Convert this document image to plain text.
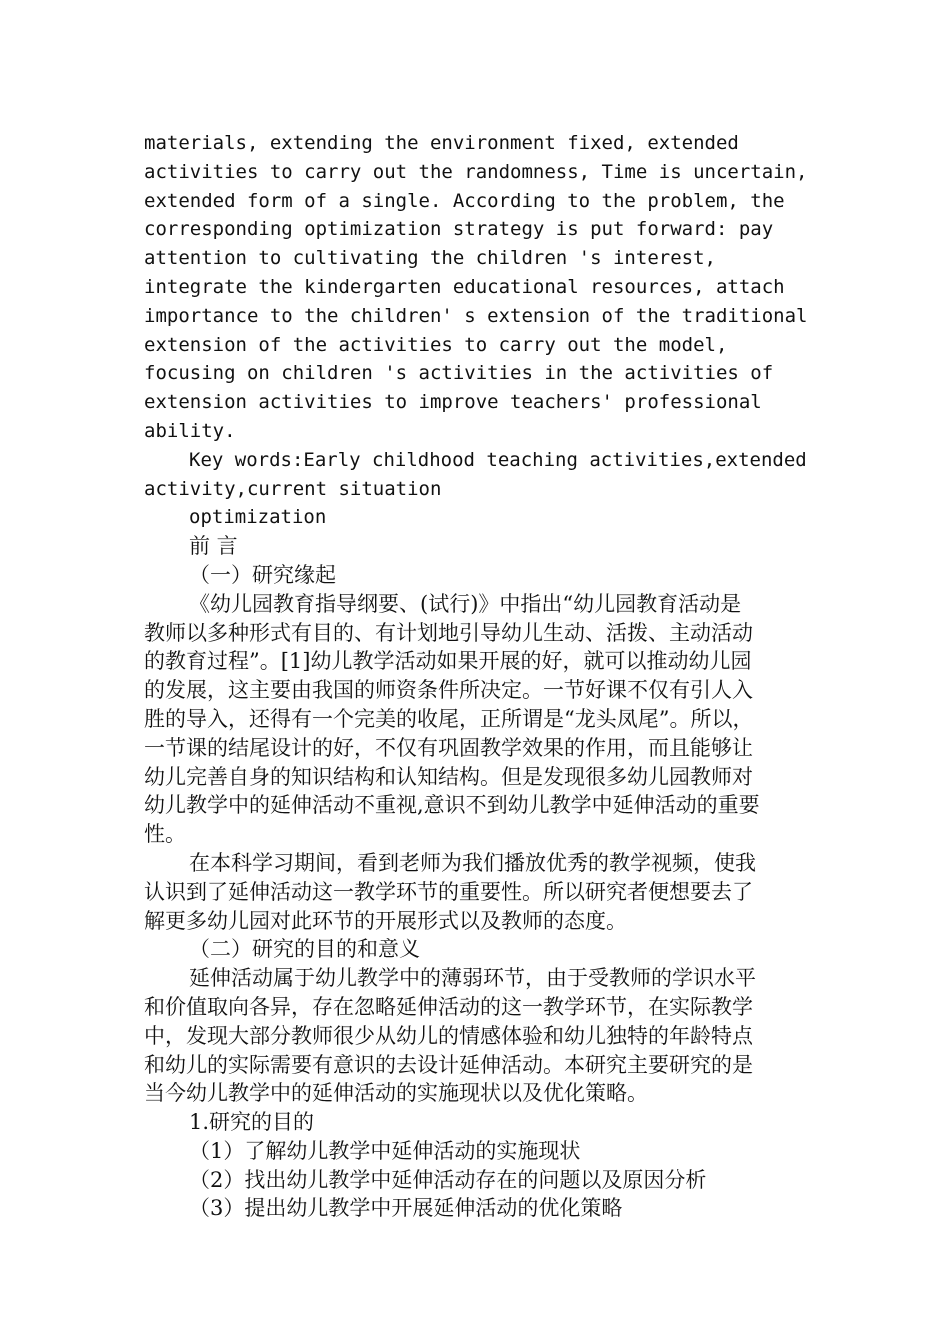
materials, extending the environment fixed, extended

activities to carry out the randomness, Time is uncertain,

extended form of a single. According to the problem, the

corresponding optimization strategy is put forward: pay

attention to cultivating the children 's interest,

integrate the kindergarten educational resources, attach

importance to the children' s extension of the traditional

extension of the activities to carry out the model,

focusing on children 's activities in the activities of

extension activities to improve teachers' professional

ability.

Key words:Early childhood teaching activities,extended

activity,current situation

optimization

前 言

（一）研究缘起

《幼儿园教育指导纲要、(试行)》中指出“幼儿园教育活动是

教师以多种形式有目的、有计划地引导幼儿生动、活拨、主动活动

的教育过程”。[1]幼儿教学活动如果开展的好，就可以推动幼儿园

的发展，这主要由我国的师资条件所决定。一节好课不仅有引人入

胜的导入，还得有一个完美的收尾，正所谓是“龙头凤尾”。所以，

一节课的结尾设计的好，不仅有巩固教学效果的作用，而且能够让

幼儿完善自身的知识结构和认知结构。但是发现很多幼儿园教师对

幼儿教学中的延伸活动不重视,意识不到幼儿教学中延伸活动的重要

性。

在本科学习期间，看到老师为我们播放优秀的教学视频，使我

认识到了延伸活动这一教学环节的重要性。所以研究者便想要去了

解更多幼儿园对此环节的开展形式以及教师的态度。

（二）研究的目的和意义

延伸活动属于幼儿教学中的薄弱环节，由于受教师的学识水平

和价值取向各异，存在忽略延伸活动的这一教学环节，在实际教学

中，发现大部分教师很少从幼儿的情感体验和幼儿独特的年龄特点

和幼儿的实际需要有意识的去设计延伸活动。本研究主要研究的是

当今幼儿教学中的延伸活动的实施现状以及优化策略。

1.研究的目的

（1）了解幼儿教学中延伸活动的实施现状

（2）找出幼儿教学中延伸活动存在的问题以及原因分析

（3）提出幼儿教学中开展延伸活动的优化策略
